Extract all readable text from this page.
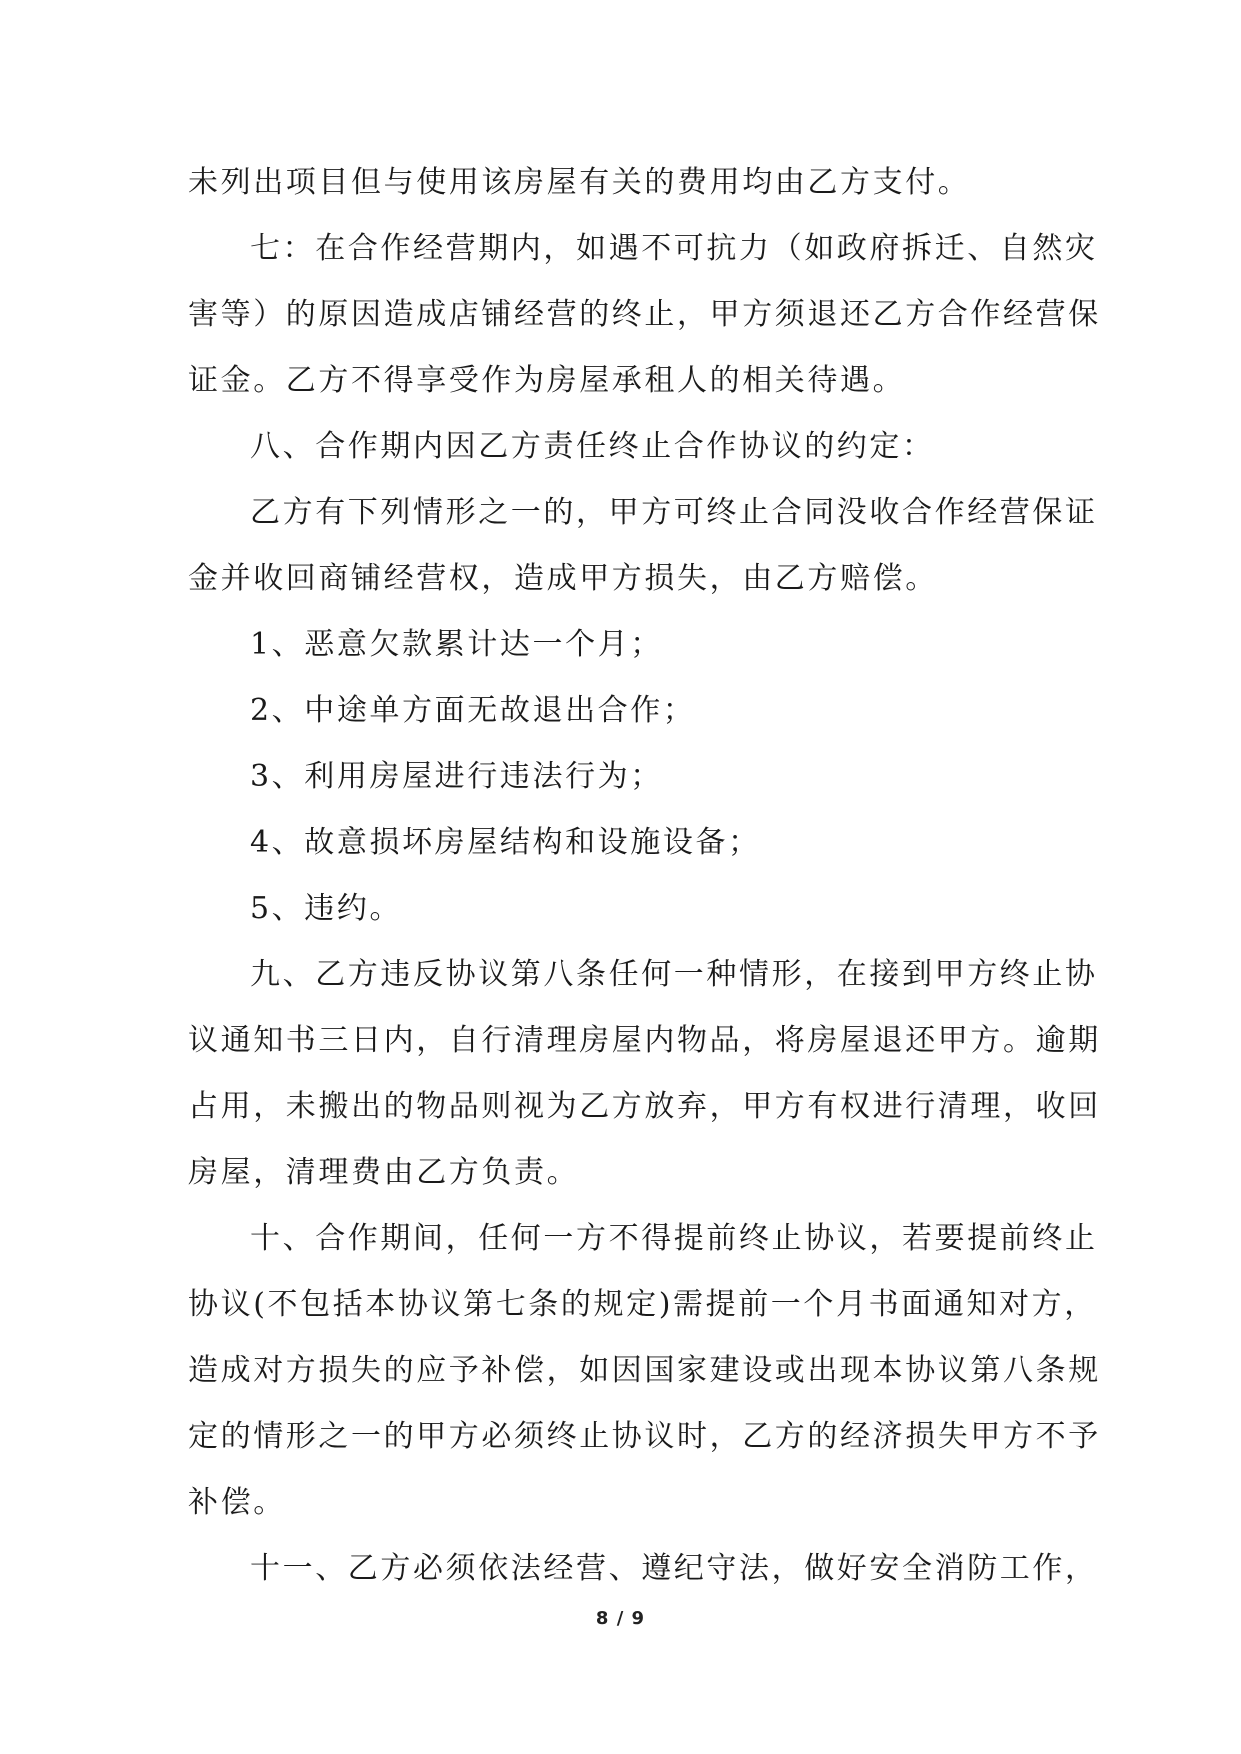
未列出项目但与使用该房屋有关的费用均由乙方支付。
七：在合作经营期内，如遇不可抗力（如政府拆迁、自然灾
害等）的原因造成店铺经营的终止，甲方须退还乙方合作经营保
证金。乙方不得享受作为房屋承租人的相关待遇。
八、合作期内因乙方责任终止合作协议的约定：
乙方有下列情形之一的，甲方可终止合同没收合作经营保证
金并收回商铺经营权，造成甲方损失，由乙方赔偿。
1、恶意欠款累计达一个月；
2、中途单方面无故退出合作；
3、利用房屋进行违法行为；
4、故意损坏房屋结构和设施设备；
5、违约。
九、乙方违反协议第八条任何一种情形，在接到甲方终止协
议通知书三日内，自行清理房屋内物品，将房屋退还甲方。逾期
占用，未搬出的物品则视为乙方放弃，甲方有权进行清理，收回
房屋，清理费由乙方负责。
十、合作期间，任何一方不得提前终止协议，若要提前终止
协议(不包括本协议第七条的规定)需提前一个月书面通知对方，
造成对方损失的应予补偿，如因国家建设或出现本协议第八条规
定的情形之一的甲方必须终止协议时，乙方的经济损失甲方不予
补偿。
十一、乙方必须依法经营、遵纪守法，做好安全消防工作，
8 / 9
